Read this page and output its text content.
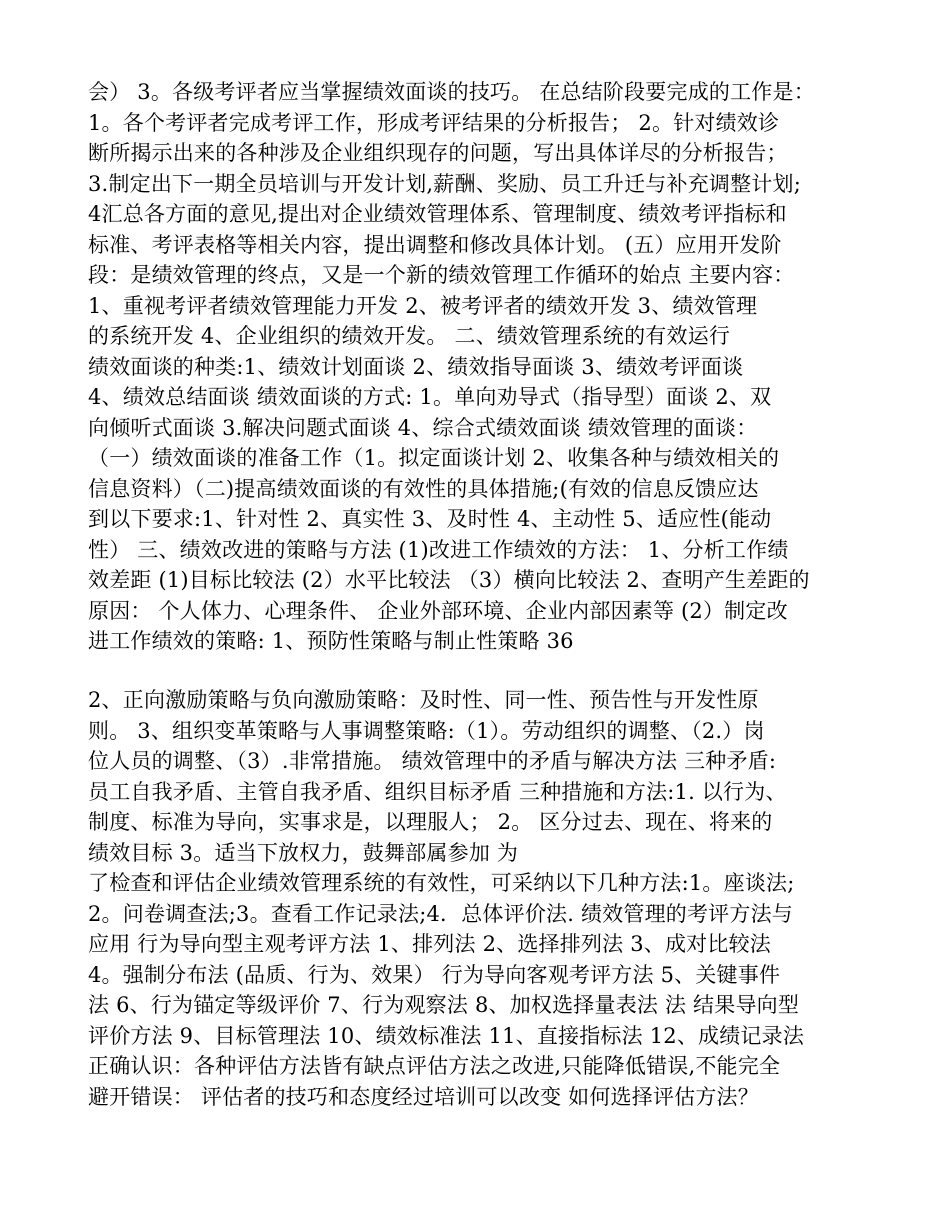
会） 3。各级考评者应当掌握绩效面谈的技巧。 在总结阶段要完成的工作是：
1。各个考评者完成考评工作，形成考评结果的分析报告； 2。针对绩效诊
断所揭示出来的各种涉及企业组织现存的问题，写出具体详尽的分析报告；
3.制定出下一期全员培训与开发计划,薪酬、奖励、员工升迁与补充调整计划;
4汇总各方面的意见,提出对企业绩效管理体系、管理制度、绩效考评指标和
标准、考评表格等相关内容，提出调整和修改具体计划。 (五）应用开发阶
段：是绩效管理的终点，又是一个新的绩效管理工作循环的始点 主要内容：
1、重视考评者绩效管理能力开发 2、被考评者的绩效开发 3、绩效管理
的系统开发 4、企业组织的绩效开发。 二、绩效管理系统的有效运行
绩效面谈的种类:1、绩效计划面谈 2、绩效指导面谈 3、绩效考评面谈
4、绩效总结面谈 绩效面谈的方式: 1。单向劝导式（指导型）面谈 2、双
向倾听式面谈 3.解决问题式面谈 4、综合式绩效面谈 绩效管理的面谈：
（一）绩效面谈的准备工作（1。拟定面谈计划 2、收集各种与绩效相关的
信息资料）（二)提高绩效面谈的有效性的具体措施;(有效的信息反馈应达
到以下要求:1、针对性 2、真实性 3、及时性 4、主动性 5、适应性(能动
性） 三、绩效改进的策略与方法 (1)改进工作绩效的方法： 1、分析工作绩
效差距 (1)目标比较法 (2）水平比较法 （3）横向比较法 2、查明产生差距的
原因： 个人体力、心理条件、 企业外部环境、企业内部因素等 (2）制定改
进工作绩效的策略: 1、预防性策略与制止性策略 36
2、正向激励策略与负向激励策略：及时性、同一性、预告性与开发性原
则。 3、组织变革策略与人事调整策略:（1）。劳动组织的调整、（2.）岗
位人员的调整、（3）.非常措施。 绩效管理中的矛盾与解决方法 三种矛盾:
员工自我矛盾、主管自我矛盾、组织目标矛盾 三种措施和方法:1. 以行为、
制度、标准为导向，实事求是，以理服人； 2。 区分过去、现在、将来的
绩效目标 3。适当下放权力，鼓舞部属参加 为
了检查和评估企业绩效管理系统的有效性，可采纳以下几种方法:1。座谈法;
2。问卷调查法;3。查看工作记录法;4．总体评价法. 绩效管理的考评方法与
应用 行为导向型主观考评方法 1、排列法 2、选择排列法 3、成对比较法
4。强制分布法 (品质、行为、效果） 行为导向客观考评方法 5、关键事件
法 6、行为锚定等级评价 7、行为观察法 8、加权选择量表法 法 结果导向型
评价方法 9、目标管理法 10、绩效标准法 11、直接指标法 12、成绩记录法
正确认识：各种评估方法皆有缺点评估方法之改进,只能降低错误,不能完全
避开错误： 评估者的技巧和态度经过培训可以改变 如何选择评估方法？
